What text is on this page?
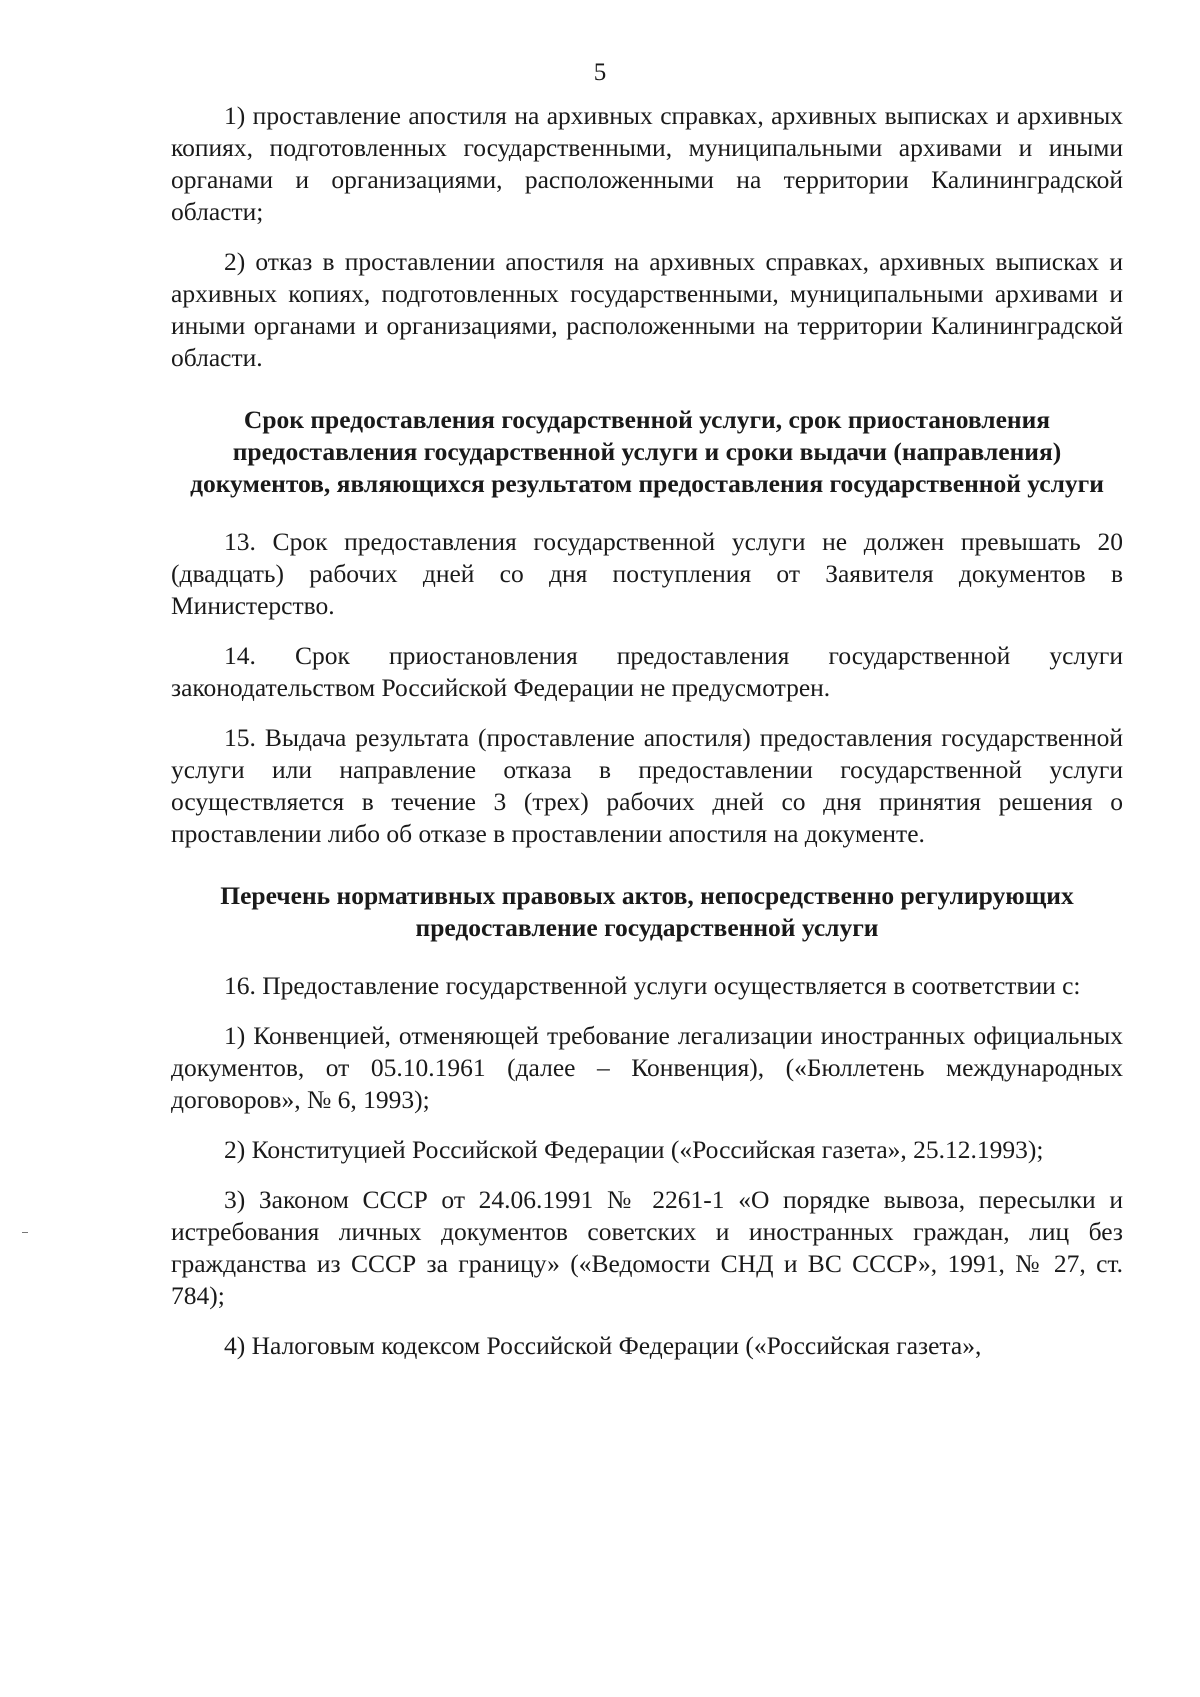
5

1) проставление апостиля на архивных справках, архивных выписках и архивных копиях, подготовленных государственными, муниципальными архивами и иными органами и организациями, расположенными на территории Калининградской области;

2) отказ в проставлении апостиля на архивных справках, архивных выписках и архивных копиях, подготовленных государственными, муниципальными архивами и иными органами и организациями, расположенными на территории Калининградской области.

Срок предоставления государственной услуги, срок приостановления предоставления государственной услуги и сроки выдачи (направления) документов, являющихся результатом предоставления государственной услуги

13. Срок предоставления государственной услуги не должен превышать 20 (двадцать) рабочих дней со дня поступления от Заявителя документов в Министерство.

14. Срок приостановления предоставления государственной услуги законодательством Российской Федерации не предусмотрен.

15. Выдача результата (проставление апостиля) предоставления государственной услуги или направление отказа в предоставлении государственной услуги осуществляется в течение 3 (трех) рабочих дней со дня принятия решения о проставлении либо об отказе в проставлении апостиля на документе.

Перечень нормативных правовых актов, непосредственно регулирующих предоставление государственной услуги

16. Предоставление государственной услуги осуществляется в соответствии с:

1) Конвенцией, отменяющей требование легализации иностранных официальных документов, от 05.10.1961 (далее – Конвенция), («Бюллетень международных договоров», № 6, 1993);

2) Конституцией Российской Федерации («Российская газета», 25.12.1993);

3) Законом СССР от 24.06.1991 № 2261-1 «О порядке вывоза, пересылки и истребования личных документов советских и иностранных граждан, лиц без гражданства из СССР за границу» («Ведомости СНД и ВС СССР», 1991, № 27, ст. 784);

4) Налоговым кодексом Российской Федерации («Российская газета»,
